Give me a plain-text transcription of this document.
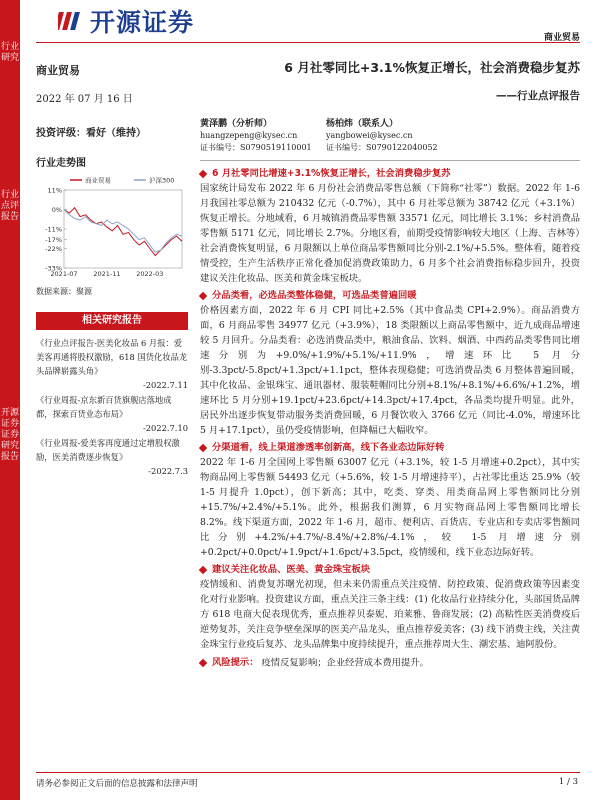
行业研究
行业点评报告
开源证券 证券研究报告
开源证券
商业贸易
商业贸易
2022 年 07 月 16 日
投资评级：看好（维持）
行业走势图
11%
0%
-11%
-17%
-22%
-33%
2021-07 2021-11 2022-03
商业贸易	沪深300
数据来源：聚源
相关研究报告
《行业点评报告-医美化妆品 6 月报：爱美客再通将股权激励，618 国货化妆品龙头品牌崭露头角》
-2022.7.11
《行业周报-京东新百货旗舰店落地成都，探索百货业态布局》
-2022.7.10
《行业周报-爱美客再度通过定增股权激励，医美消费逐步恢复》
-2022.7.3
6 月社零同比+3.1%恢复正增长，社会消费稳步复苏
——行业点评报告
黄泽鹏（分析师）
huangzepeng@kysec.cn
证书编号：S0790519110001
杨柏炜（联系人）
yangbowei@kysec.cn
证书编号：S0790122040052
6 月社零同比增速+3.1%恢复正增长，社会消费稳步复苏
国家统计局发布 2022 年 6 月份社会消费品零售总额（下简称“社零”）数据。2022 年 1-6 月我国社零总额为 210432 亿元（-0.7%），其中 6 月社零总额为 38742 亿元（+3.1%）恢复正增长。分地域看，6 月城镇消费品零售额 33571 亿元，同比增长 3.1%；乡村消费品零售额 5171 亿元，同比增长 2.7%。分地区看，前期受疫情影响较大地区（上海、吉林等）社会消费恢复明显，6 月限额以上单位商品零售额同比分别-2.1%/+5.5%。整体看，随着疫情受控，生产生活秩序正常化叠加促消费政策助力，6 月多个社会消费指标稳步回升，投资建议关注化妆品、医美和黄金珠宝板块。
分品类看，必选品类整体稳健，可选品类普遍回暖
价格因素方面，2022 年 6 月 CPI 同比+2.5%（其中食品类 CPI+2.9%）。商品消费方面，6 月商品零售 34977 亿元（+3.9%），18 类限额以上商品零售额中，近九成商品增速较 5 月回升。分品类看：必选消费品类中，粮油食品、饮料、烟酒、中西药品类零售同比增速分别为+9.0%/+1.9%/+5.1%/+11.9%，增速环比 5 月分别-3.3pct/-5.8pct/+1.3pct/+1.1pct，整体表现稳健；可选消费品类 6 月整体普遍回暖，其中化妆品、金银珠宝、通讯器材、服装鞋帽同比分别+8.1%/+8.1%/+6.6%/+1.2%，增速环比 5 月分别+19.1pct/+23.6pct/+14.3pct/+17.4pct，各品类均提升明显。此外，居民外出逐步恢复带动服务类消费回暖，6 月餐饮收入 3766 亿元（同比-4.0%，增速环比 5 月+17.1pct），虽仍受疫情影响，但降幅已大幅收窄。
分渠道看，线上渠道渗透率创新高，线下各业态边际好转
2022 年 1-6 月全国网上零售额 63007 亿元（+3.1%，较 1-5 月增速+0.2pct），其中实物商品网上零售额 54493 亿元（+5.6%，较 1-5 月增速持平），占社零比重达 25.9%（较 1-5 月提升 1.0pct），创下新高；其中，吃类、穿类、用类商品网上零售额同比分别+15.7%/+2.4%/+5.1%。此外，根据我们测算，6 月实物商品网上零售额同比增长 8.2%。线下渠道方面，2022 年 1-6 月，超市、便利店、百货店、专业店和专卖店零售额同比分别+4.2%/+4.7%/-8.4%/+2.8%/-4.1%，较 1-5 月增速分别+0.2pct/+0.0pct/+1.9pct/+1.6pct/+3.5pct，疫情缓和，线下业态边际好转。
建议关注化妆品、医美、黄金珠宝板块
疫情缓和、消费复苏曙光初现，但未来仍需重点关注疫情、防控政策、促消费政策等因素变化对行业影响。投资建议方面，重点关注三条主线：(1) 化妆品行业持续分化，头部国货品牌方 618 电商大促表现优秀，重点推荐贝泰妮、珀莱雅、鲁商发展；(2) 高粘性医美消费疫后逆势复苏，关注竞争壁垒深厚的医美产品龙头，重点推荐爱美客；(3) 线下消费主线，关注黄金珠宝行业疫后复苏、龙头品牌集中度持续提升，重点推荐周大生、潮宏基、迪阿股份。
风险提示： 疫情反复影响；企业经营成本费用提升。
请务必参阅正文后面的信息披露和法律声明	1 / 3
